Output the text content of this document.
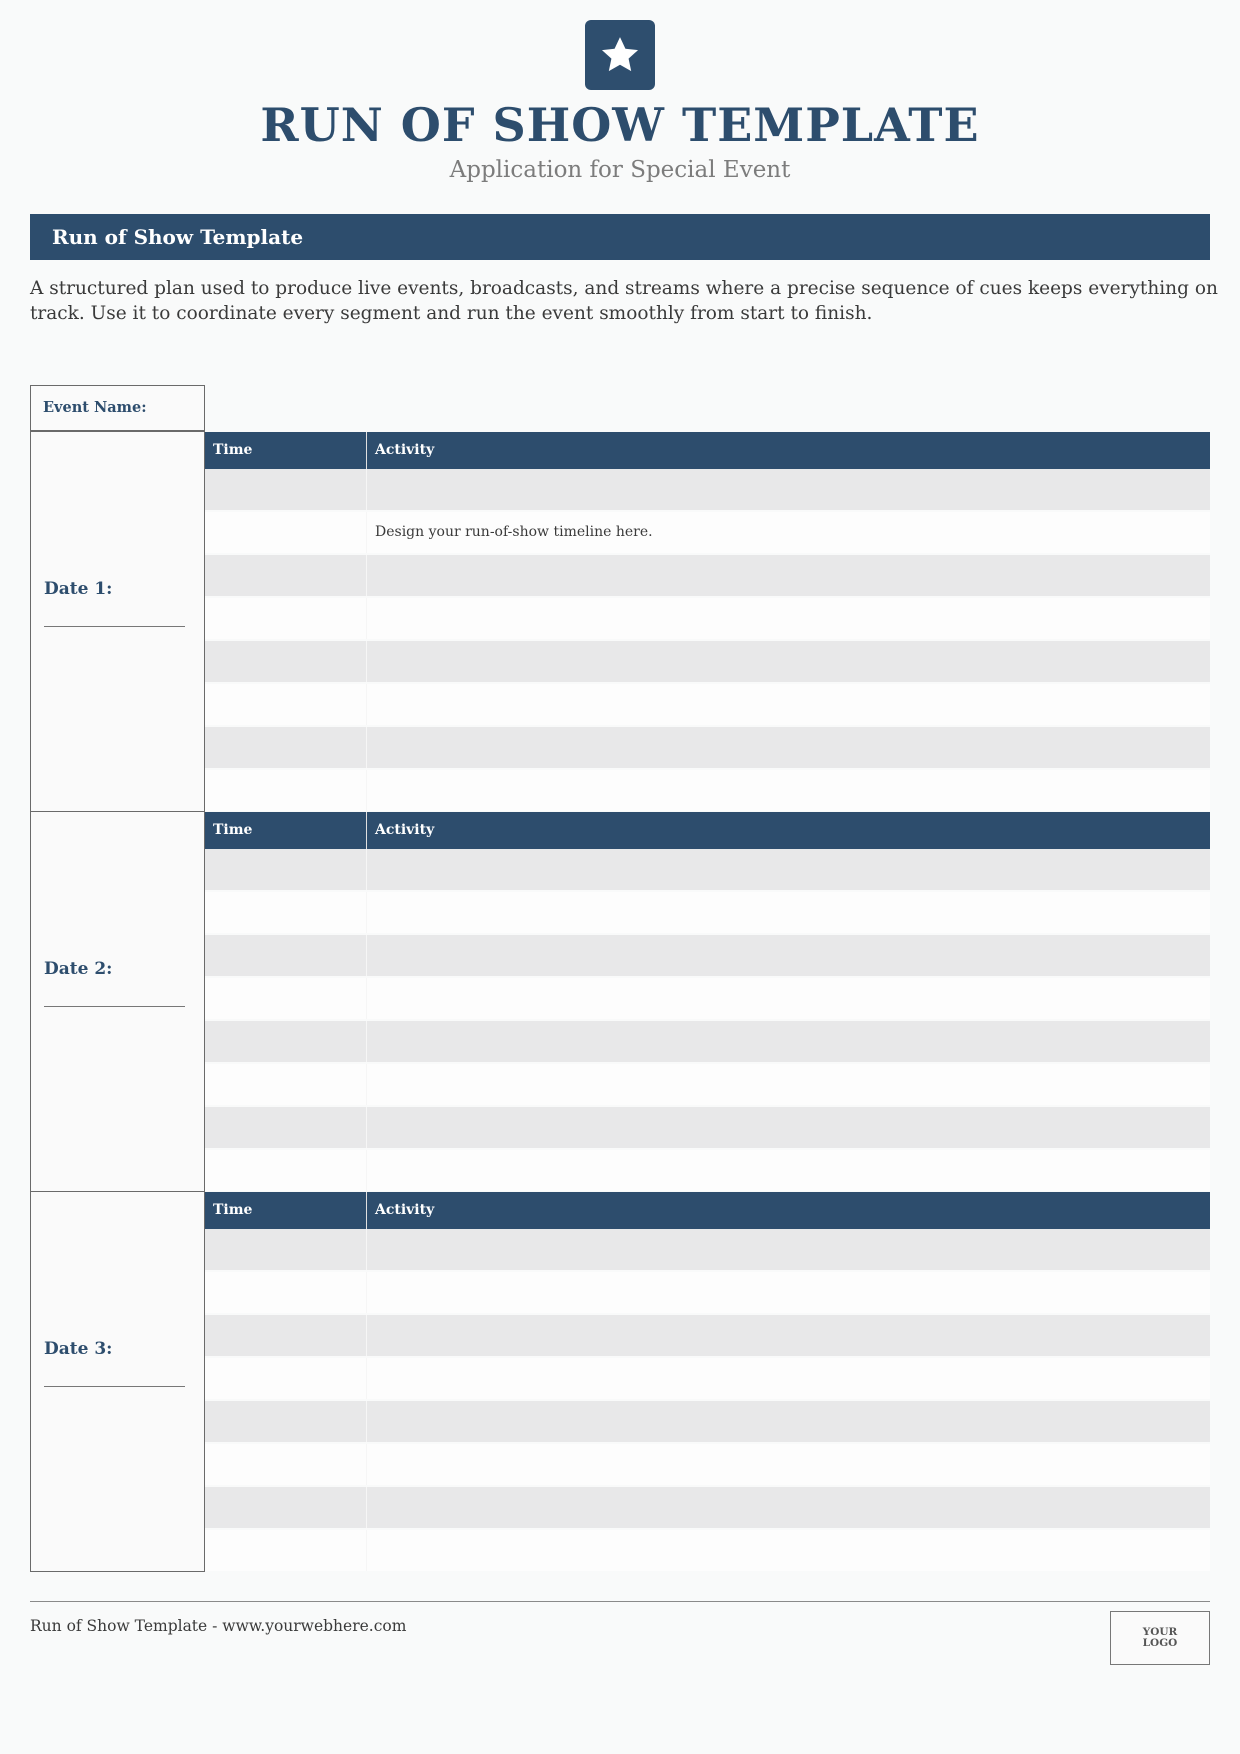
RUN OF SHOW TEMPLATE
Application for Special Event
Run of Show Template
A structured plan used to produce live events, broadcasts, and streams where a precise sequence of cues keeps everything on track. Use it to coordinate every segment and run the event smoothly from start to finish.
Event Name:
Date 1:
Time	Activity
Design your run-of-show timeline here.
Date 2:
Time	Activity
Date 3:
Time	Activity
Run of Show Template - www.yourwebhere.com	YOUR
LOGO
